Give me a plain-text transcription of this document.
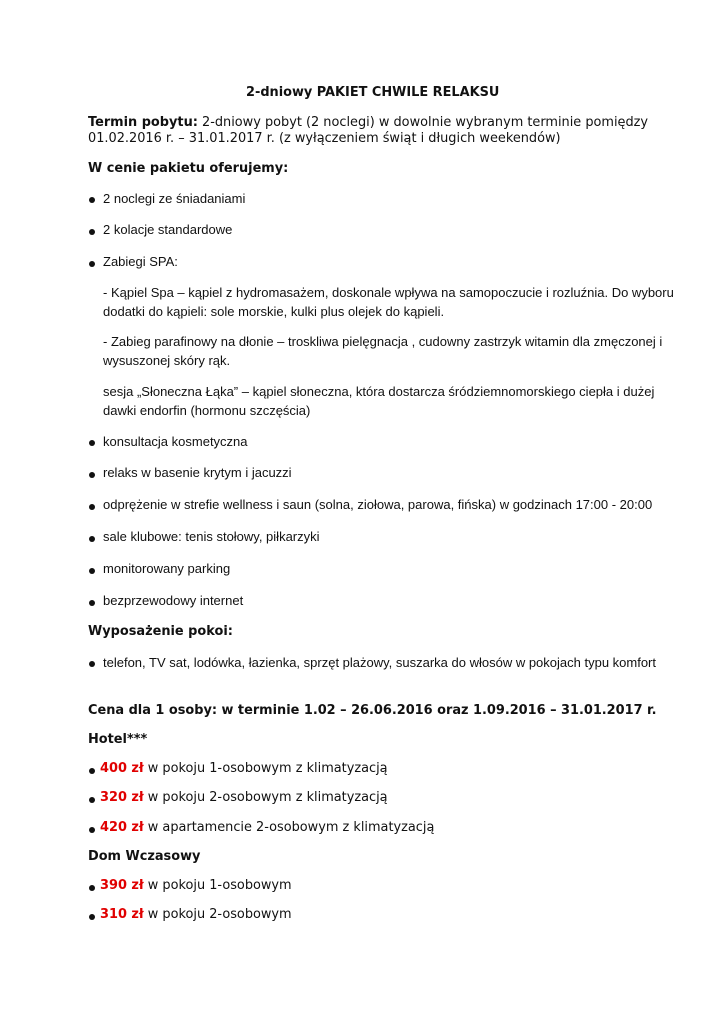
2-dniowy PAKIET CHWILE RELAKSU

Termin pobytu: 2-dniowy pobyt (2 noclegi) w dowolnie wybranym terminie pomiędzy

01.02.2016 r. – 31.01.2017 r. (z wyłączeniem świąt i długich weekendów)

W cenie pakietu oferujemy:

2 noclegi ze śniadaniami

2 kolacje standardowe

Zabiegi SPA:

- Kąpiel Spa – kąpiel z hydromasażem, doskonale wpływa na samopoczucie i rozluźnia. Do wyboru

dodatki do kąpieli: sole morskie, kulki plus olejek do kąpieli.

- Zabieg parafinowy na dłonie – troskliwa pielęgnacja , cudowny zastrzyk witamin dla zmęczonej i

wysuszonej skóry rąk.

sesja „Słoneczna Łąka” – kąpiel słoneczna, która dostarcza śródziemnomorskiego ciepła i dużej

dawki endorfin (hormonu szczęścia)

konsultacja kosmetyczna

relaks w basenie krytym i jacuzzi

odprężenie w strefie wellness i saun (solna, ziołowa, parowa, fińska) w godzinach 17:00 - 20:00

sale klubowe: tenis stołowy, piłkarzyki

monitorowany parking

bezprzewodowy internet

Wyposażenie pokoi:

telefon, TV sat, lodówka, łazienka, sprzęt plażowy, suszarka do włosów w pokojach typu komfort

Cena dla 1 osoby: w terminie 1.02 – 26.06.2016 oraz 1.09.2016 – 31.01.2017 r.

Hotel***

400 zł w pokoju 1-osobowym z klimatyzacją

320 zł w pokoju 2-osobowym z klimatyzacją

420 zł w apartamencie 2-osobowym z klimatyzacją

Dom Wczasowy

390 zł w pokoju 1-osobowym

310 zł w pokoju 2-osobowym
